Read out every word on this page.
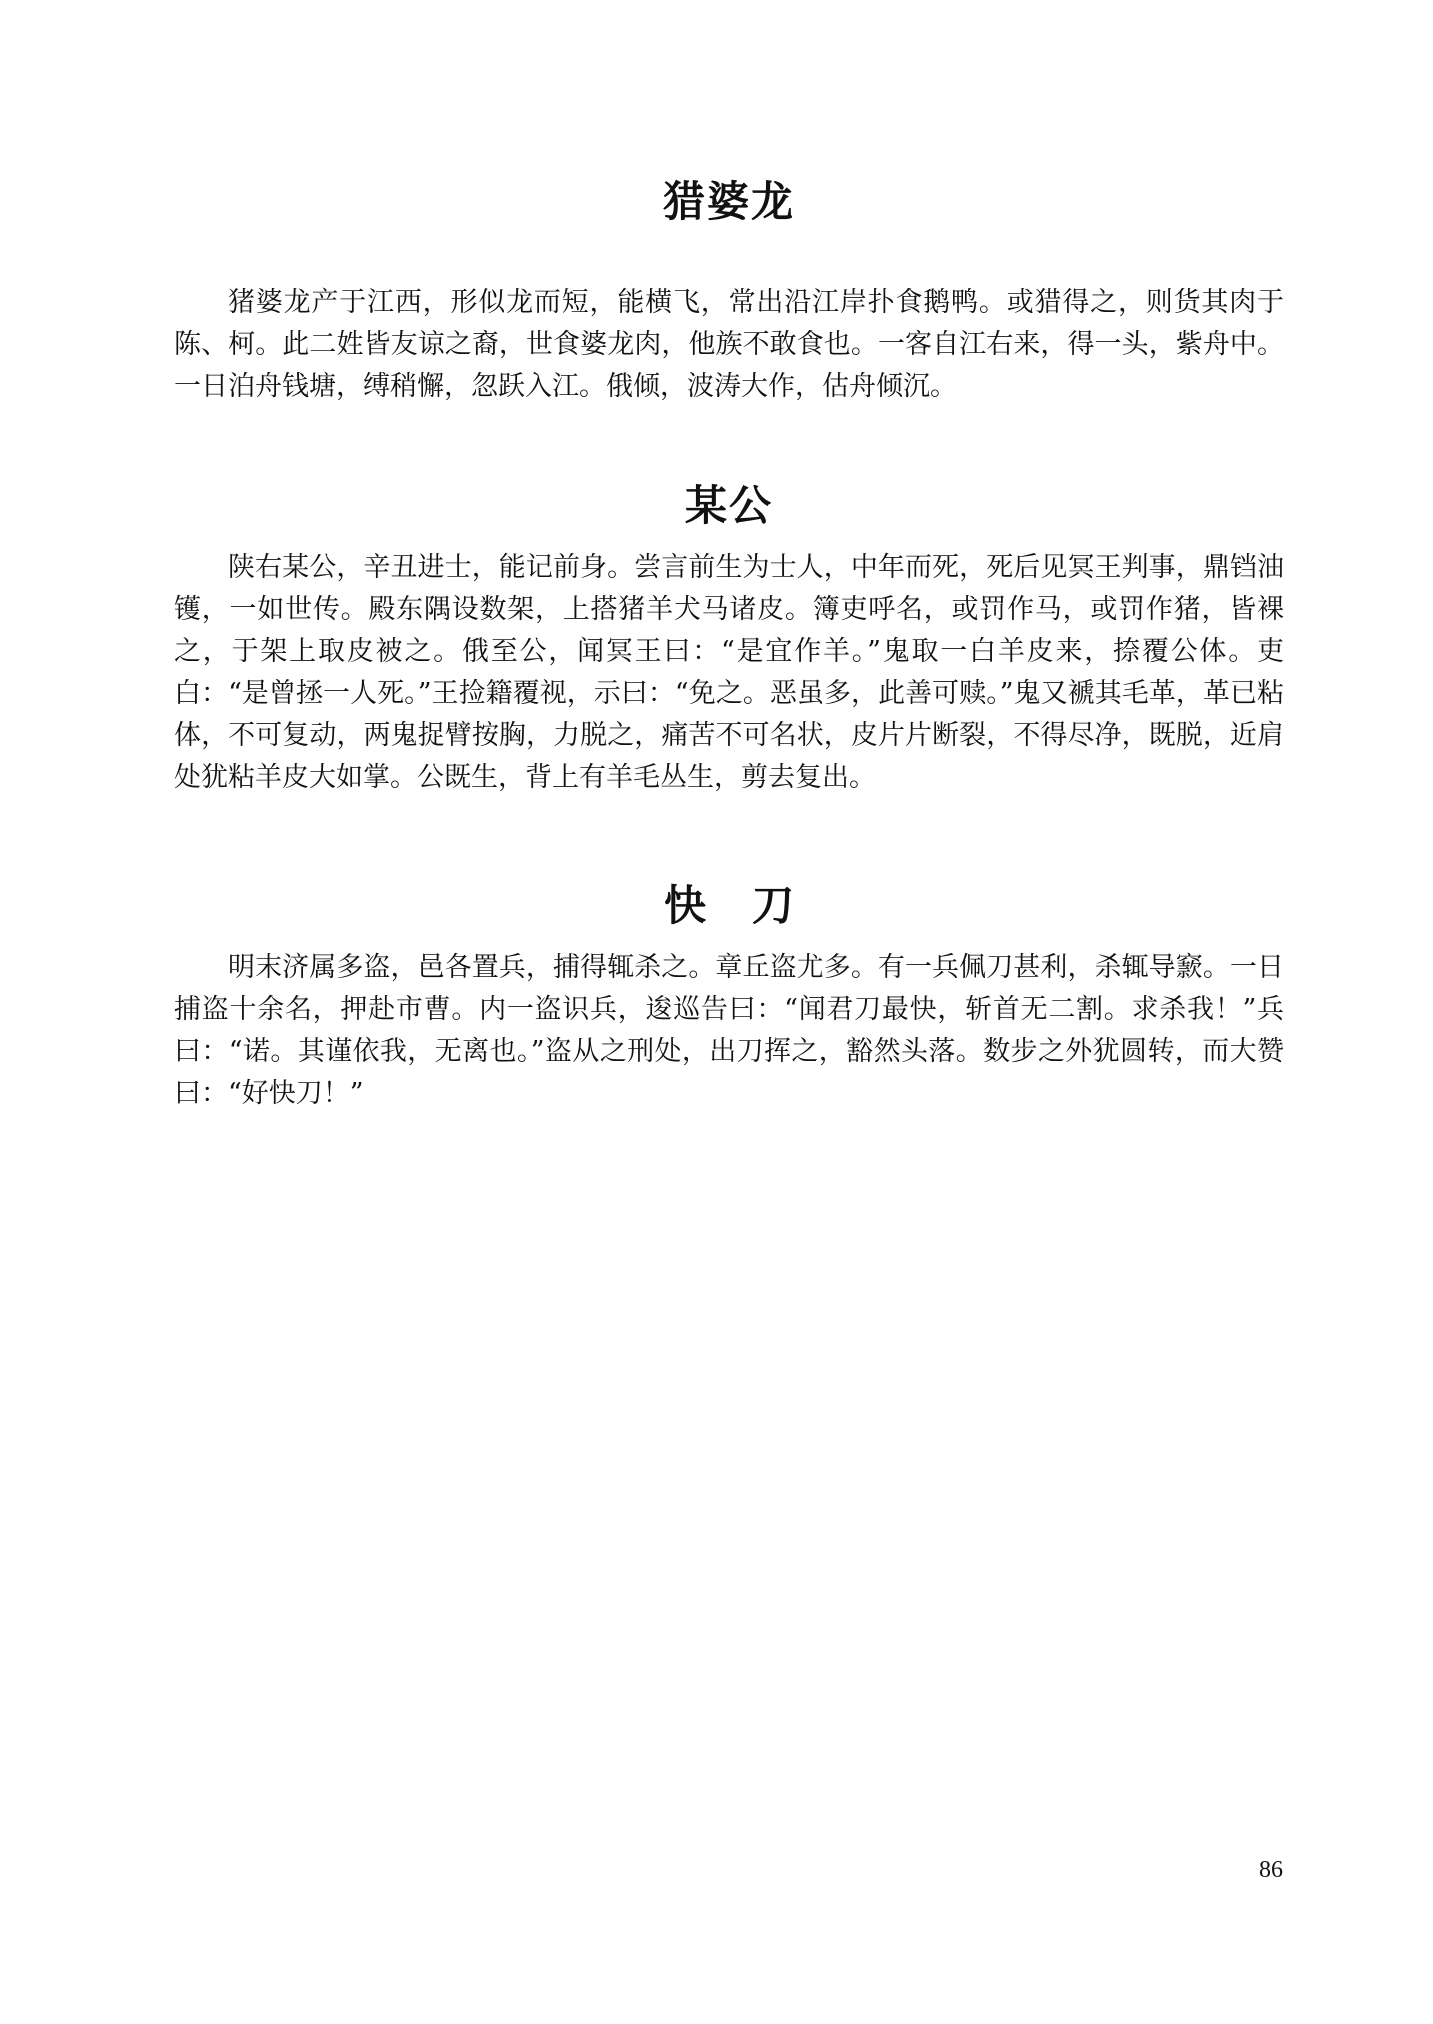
猎婆龙

猪婆龙产于江西，形似龙而短，能横飞，常出沿江岸扑食鹅鸭。或猎得之，则货其肉于陈、柯。此二姓皆友谅之裔，世食婆龙肉，他族不敢食也。一客自江右来，得一头，紫舟中。一日泊舟钱塘，缚稍懈，忽跃入江。俄倾，波涛大作，估舟倾沉。

某公

陕右某公，辛丑进士，能记前身。尝言前生为士人，中年而死，死后见冥王判事，鼎铛油镬，一如世传。殿东隅设数架，上搭猪羊犬马诸皮。簿吏呼名，或罚作马，或罚作猪，皆裸之，于架上取皮被之。俄至公，闻冥王曰：“是宜作羊。”鬼取一白羊皮来，捺覆公体。吏白：“是曾拯一人死。”王捡籍覆视，示曰：“免之。恶虽多，此善可赎。”鬼又褫其毛革，革已粘体，不可复动，两鬼捉臂按胸，力脱之，痛苦不可名状，皮片片断裂，不得尽净，既脱，近肩处犹粘羊皮大如掌。公既生，背上有羊毛丛生，剪去复出。

快刀

明末济属多盗，邑各置兵，捕得辄杀之。章丘盗尤多。有一兵佩刀甚利，杀辄导窾。一日捕盗十余名，押赴市曹。内一盗识兵，逡巡告曰：“闻君刀最快，斩首无二割。求杀我！”兵曰：“诺。其谨依我，无离也。”盗从之刑处，出刀挥之，豁然头落。数步之外犹圆转，而大赞曰：“好快刀！”

86
